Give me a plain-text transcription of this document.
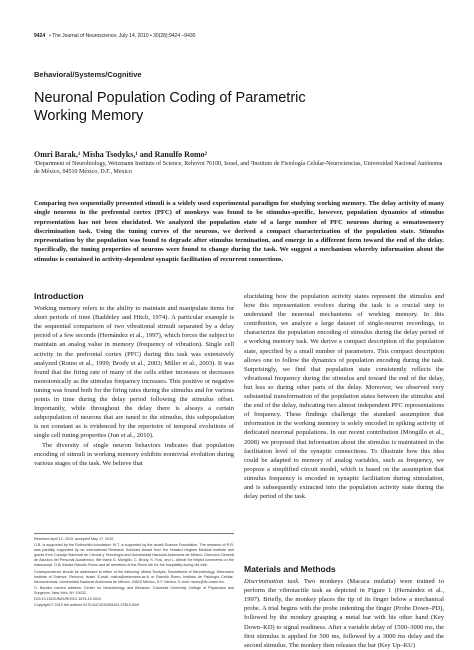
9424 • The Journal of Neuroscience, July 14, 2010 • 30(28):9424 –9430
Behavioral/Systems/Cognitive
Neuronal Population Coding of Parametric Working Memory
Omri Barak,¹ Misha Tsodyks,¹ and Ranulfo Romo²
¹Department of Neurobiology, Weizmann Institute of Science, Rehovot 76100, Israel, and ²Instituto de Fisiología Celular-Neurociencias, Universidad Nacional Autónoma de México, 04510 México, D.F., Mexico
Comparing two sequentially presented stimuli is a widely used experimental paradigm for studying working memory. The delay activity of many single neurons in the prefrontal cortex (PFC) of monkeys was found to be stimulus-specific, however, population dynamics of stimulus representation has not been elucidated. We analyzed the population state of a large number of PFC neurons during a somatosensory discrimination task. Using the tuning curves of the neurons, we derived a compact characterization of the population state. Stimulus representation by the population was found to degrade after stimulus termination, and emerge in a different form toward the end of the delay. Specifically, the tuning properties of neurons were found to change during the task. We suggest a mechanism whereby information about the stimulus is contained in activity-dependent synaptic facilitation of recurrent connections.
Introduction

Working memory refers to the ability to maintain and manipulate items for short periods of time (Baddeley and Hitch, 1974). A particular example is the sequential comparison of two vibrational stimuli separated by a delay period of a few seconds (Hernández et al., 1997), which forces the subject to maintain an analog value in memory (frequency of vibration). Single cell activity in the prefrontal cortex (PFC) during this task was extensively analyzed (Romo et al., 1999; Brody et al., 2003; Miller et al., 2003). It was found that the firing rate of many of the cells either increases or decreases monotonically as the stimulus frequency increases. This positive or negative tuning was found both for the firing rates during the stimulus and for various points in time during the delay period following the stimulus offset. Importantly, while throughout the delay there is always a certain subpopulation of neurons that are tuned to the stimulus, this subpopulation is not constant as is evidenced by the repertoire of temporal evolutions of single cell tuning properties (Jun et al., 2010).

The diversity of single neuron behaviors indicates that population encoding of stimuli in working memory exhibits nontrivial evolution during various stages of the task. We believe that

Received April 12, 2010; accepted May 17, 2010.

O.B. is supported by the Rothschild foundation. M.T. is supported by the Israeli Science Foundation. The research of R.R. was partially supported by an International Research Scholars Award from the Howard Hughes Medical Institute and grants from Consejo Nacional de Ciencia y Tecnología and Universidad Nacional Autónoma de México, Dirección General de Asuntos del Personal Académico. We thank G. Mongillo, C. Brody, S. Fusi, and L. Abbott for helpful comments on the manuscript. O.B. thanks Ranulfo Romo and all members of the Romo lab for the hospitality during his visit.

Correspondence should be addressed to either of the following: Misha Tsodyks, Department of Neurobiology, Weizmann Institute of Science, Rehovot, Israel. E-mail: misha@weizmann.ac.il; or Ranulfo Romo, Instituto de Fisiología Celular-Neurociencias, Universidad Nacional Autónoma de México, 04510 México, D.F. Mexico. E-mail: rromo@ifc.unam.mx.

O. Barak's current address: Center for Neurobiology and Behavior, Columbia University College of Physicians and Surgeons, New York, NY 10032.

DOI:10.1523/JNEUROSCI.1875-10.2010

Copyright © 2010 the authors 0270-6474/10/309424-07$15.00/0

elucidating how the population activity states represent the stimulus and how this representation evolves during the task is a crucial step to understand the neuronal mechanisms of working memory. In this contribution, we analyze a large dataset of single-neuron recordings, to characterize the population encoding of stimulus during the delay period of a working memory task. We derive a compact description of the population state, specified by a small number of parameters. This compact description allows one to follow the dynamics of population encoding during the task. Surprisingly, we find that population state consistently reflects the vibrational frequency during the stimulus and toward the end of the delay, but less so during other parts of the delay. Moreover, we observed very substantial transformation of the population states between the stimulus and the end of the delay, indicating two almost independent PFC representations of frequency. These findings challenge the standard assumption that information in the working memory is solely encoded in spiking activity of dedicated neuronal populations. In our recent contribution (Mongillo et al., 2008) we proposed that information about the stimulus is maintained in the facilitation level of the synaptic connections. To illustrate how this idea could be adapted to memory of analog variables, such as frequency, we propose a simplified circuit model, which is based on the assumption that stimulus frequency is encoded in synaptic facilitation during stimulation, and is subsequently extracted into the population activity state during the delay period of the task.

Materials and Methods

Discrimination task. Two monkeys (Macaca mulatta) were trained to perform the vibrotactile task as depicted in Figure 1 (Hernández et al., 1997). Briefly, the monkey places the tip of its finger below a mechanical probe. A trial begins with the probe indenting the finger (Probe Down–PD), followed by the monkey grasping a metal bar with his other hand (Key Down–KD) to signal readiness. After a variable delay of 1500–3000 ms, the first stimulus is applied for 500 ms, followed by a 3000 ms delay and the second stimulus. The monkey then releases the bar (Key Up–KU)
